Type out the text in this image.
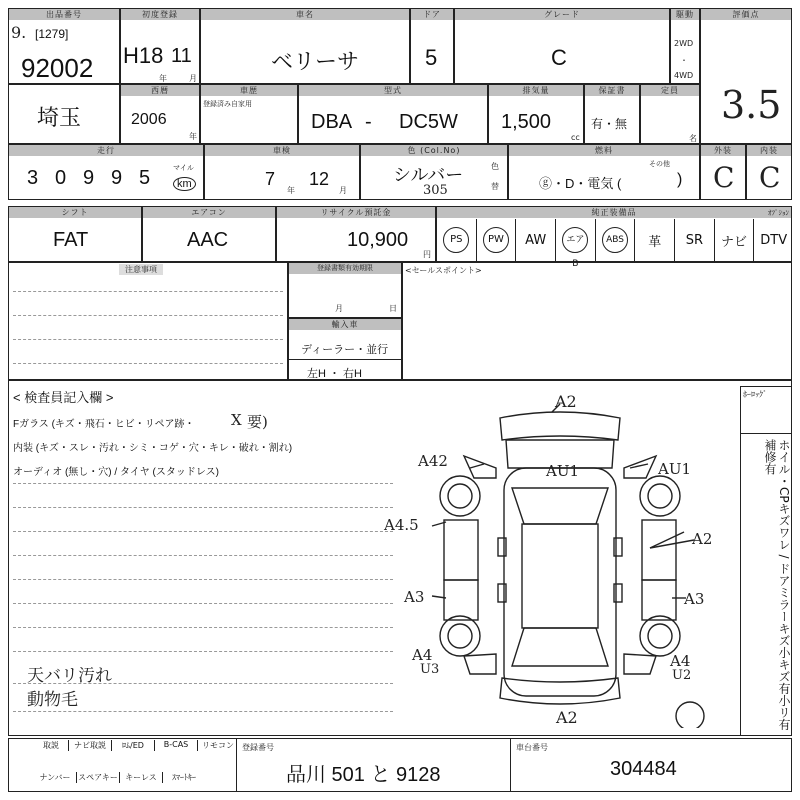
出品番号
9. [1279]
92002
初度登録
H18 11
年	月
車名
ベリーサ
ドア
5
グレード
C
駆動
2WD
・
4WD
評価点
3.5
埼玉
西暦
2006
年
車歴
登録済み自家用
型式
DBA - DC5W
排気量
1,500
cc
保証書
有・無
定員
名
走行
3 0 9 9 5	マイル
km
車検
7
年
12
月
色 (Col.No)
シルバー
305
色
替
燃料
その他
ⓖ・D・電気 (	)
外装
C
内装
C
シフト
FAT
エアコン
AAC
リサイクル預託金
10,900
円
純正装備品	ｵﾌﾟｼｮﾝ
PS	PW	AW	エアB
ABS	革 SR ナビ DTV
注意事項	登録書類有効期限
月	日
輸入車
ディーラー・並行
左H ・ 右H
<セールスポイント>
< 検査員記入欄 >
Fガラス (キズ・飛石・ヒビ・リペア跡・ X 要)
内装 (キズ・スレ・汚れ・シミ・コゲ・穴・キレ・破れ・割れ)
オーディオ (無し・穴) / タイヤ (スタッドレス)
天バリ汚れ
動物毛
A2
A42
AU1	AU1
A4.5
A2
A3	A3
A4
U3	A4
U2
A2
ﾎｰﾛｯｸﾞ
ホイル・CPキズワレ / ドアミラーキズ小キズ有小リ有補修有
取説	ナビ取説	ﾛﾑ/ED	B-CAS	リモコン
ナンバー スペアキー キーレス	ｽﾏｰﾄｷｰ
登録番号
品川 501 と 9128
車台番号
304484
